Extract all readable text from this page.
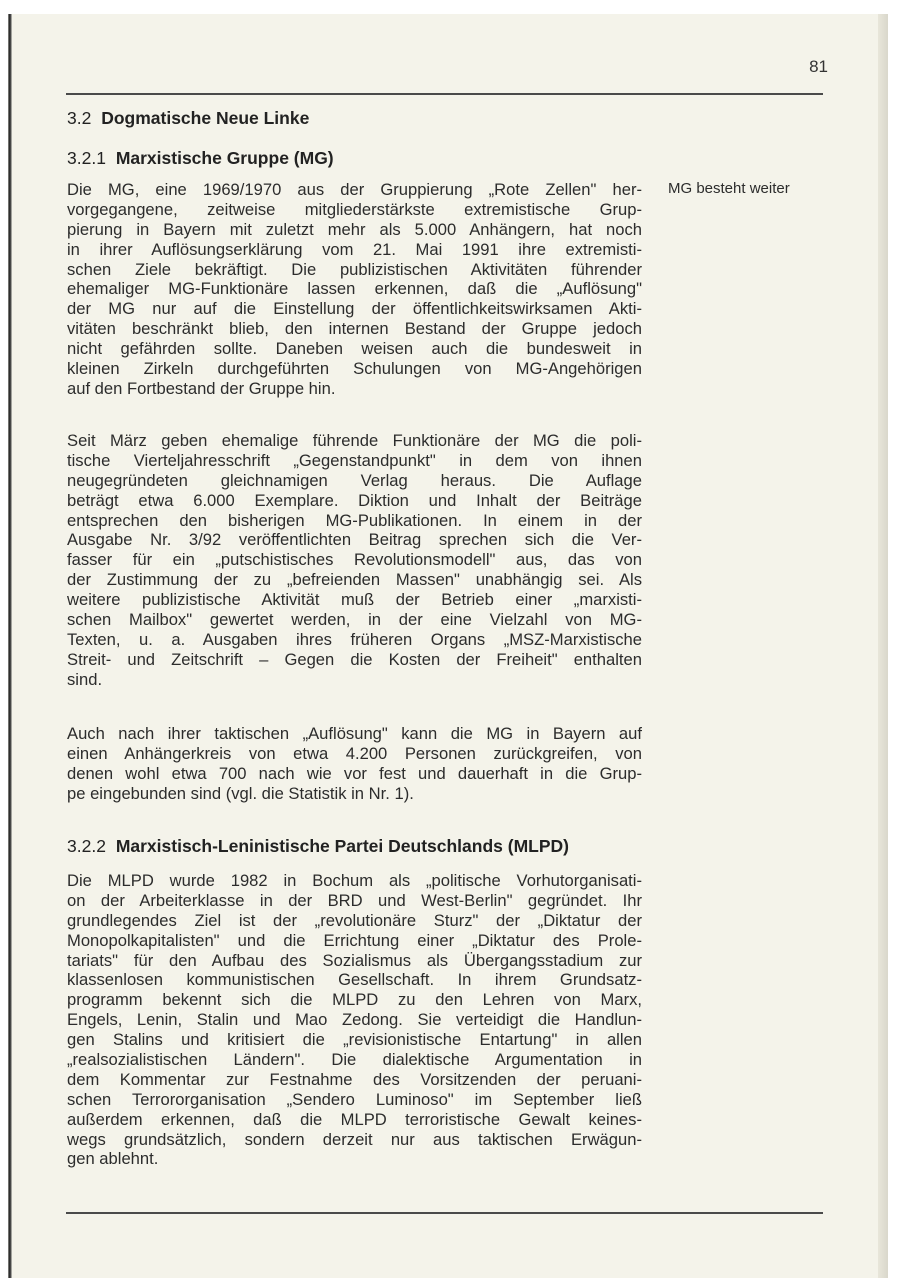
81
3.2 Dogmatische Neue Linke
3.2.1 Marxistische Gruppe (MG)
MG besteht weiter
Die MG, eine 1969/1970 aus der Gruppierung „Rote Zellen" her-
vorgegangene, zeitweise mitgliederstärkste extremistische Grup-
pierung in Bayern mit zuletzt mehr als 5.000 Anhängern, hat noch
in ihrer Auflösungserklärung vom 21. Mai 1991 ihre extremisti-
schen Ziele bekräftigt. Die publizistischen Aktivitäten führender
ehemaliger MG-Funktionäre lassen erkennen, daß die „Auflösung"
der MG nur auf die Einstellung der öffentlichkeitswirksamen Akti-
vitäten beschränkt blieb, den internen Bestand der Gruppe jedoch
nicht gefährden sollte. Daneben weisen auch die bundesweit in
kleinen Zirkeln durchgeführten Schulungen von MG-Angehörigen
auf den Fortbestand der Gruppe hin.
Seit März geben ehemalige führende Funktionäre der MG die poli-
tische Vierteljahresschrift „Gegenstandpunkt" in dem von ihnen
neugegründeten gleichnamigen Verlag heraus. Die Auflage
beträgt etwa 6.000 Exemplare. Diktion und Inhalt der Beiträge
entsprechen den bisherigen MG-Publikationen. In einem in der
Ausgabe Nr. 3/92 veröffentlichten Beitrag sprechen sich die Ver-
fasser für ein „putschistisches Revolutionsmodell" aus, das von
der Zustimmung der zu „befreienden Massen" unabhängig sei. Als
weitere publizistische Aktivität muß der Betrieb einer „marxisti-
schen Mailbox" gewertet werden, in der eine Vielzahl von MG-
Texten, u. a. Ausgaben ihres früheren Organs „MSZ-Marxistische
Streit- und Zeitschrift – Gegen die Kosten der Freiheit" enthalten
sind.
Auch nach ihrer taktischen „Auflösung" kann die MG in Bayern auf
einen Anhängerkreis von etwa 4.200 Personen zurückgreifen, von
denen wohl etwa 700 nach wie vor fest und dauerhaft in die Grup-
pe eingebunden sind (vgl. die Statistik in Nr. 1).
3.2.2 Marxistisch-Leninistische Partei Deutschlands (MLPD)
Die MLPD wurde 1982 in Bochum als „politische Vorhutorganisati-
on der Arbeiterklasse in der BRD und West-Berlin" gegründet. Ihr
grundlegendes Ziel ist der „revolutionäre Sturz" der „Diktatur der
Monopolkapitalisten" und die Errichtung einer „Diktatur des Prole-
tariats" für den Aufbau des Sozialismus als Übergangsstadium zur
klassenlosen kommunistischen Gesellschaft. In ihrem Grundsatz-
programm bekennt sich die MLPD zu den Lehren von Marx,
Engels, Lenin, Stalin und Mao Zedong. Sie verteidigt die Handlun-
gen Stalins und kritisiert die „revisionistische Entartung" in allen
„realsozialistischen Ländern". Die dialektische Argumentation in
dem Kommentar zur Festnahme des Vorsitzenden der peruani-
schen Terrororganisation „Sendero Luminoso" im September ließ
außerdem erkennen, daß die MLPD terroristische Gewalt keines-
wegs grundsätzlich, sondern derzeit nur aus taktischen Erwägun-
gen ablehnt.
